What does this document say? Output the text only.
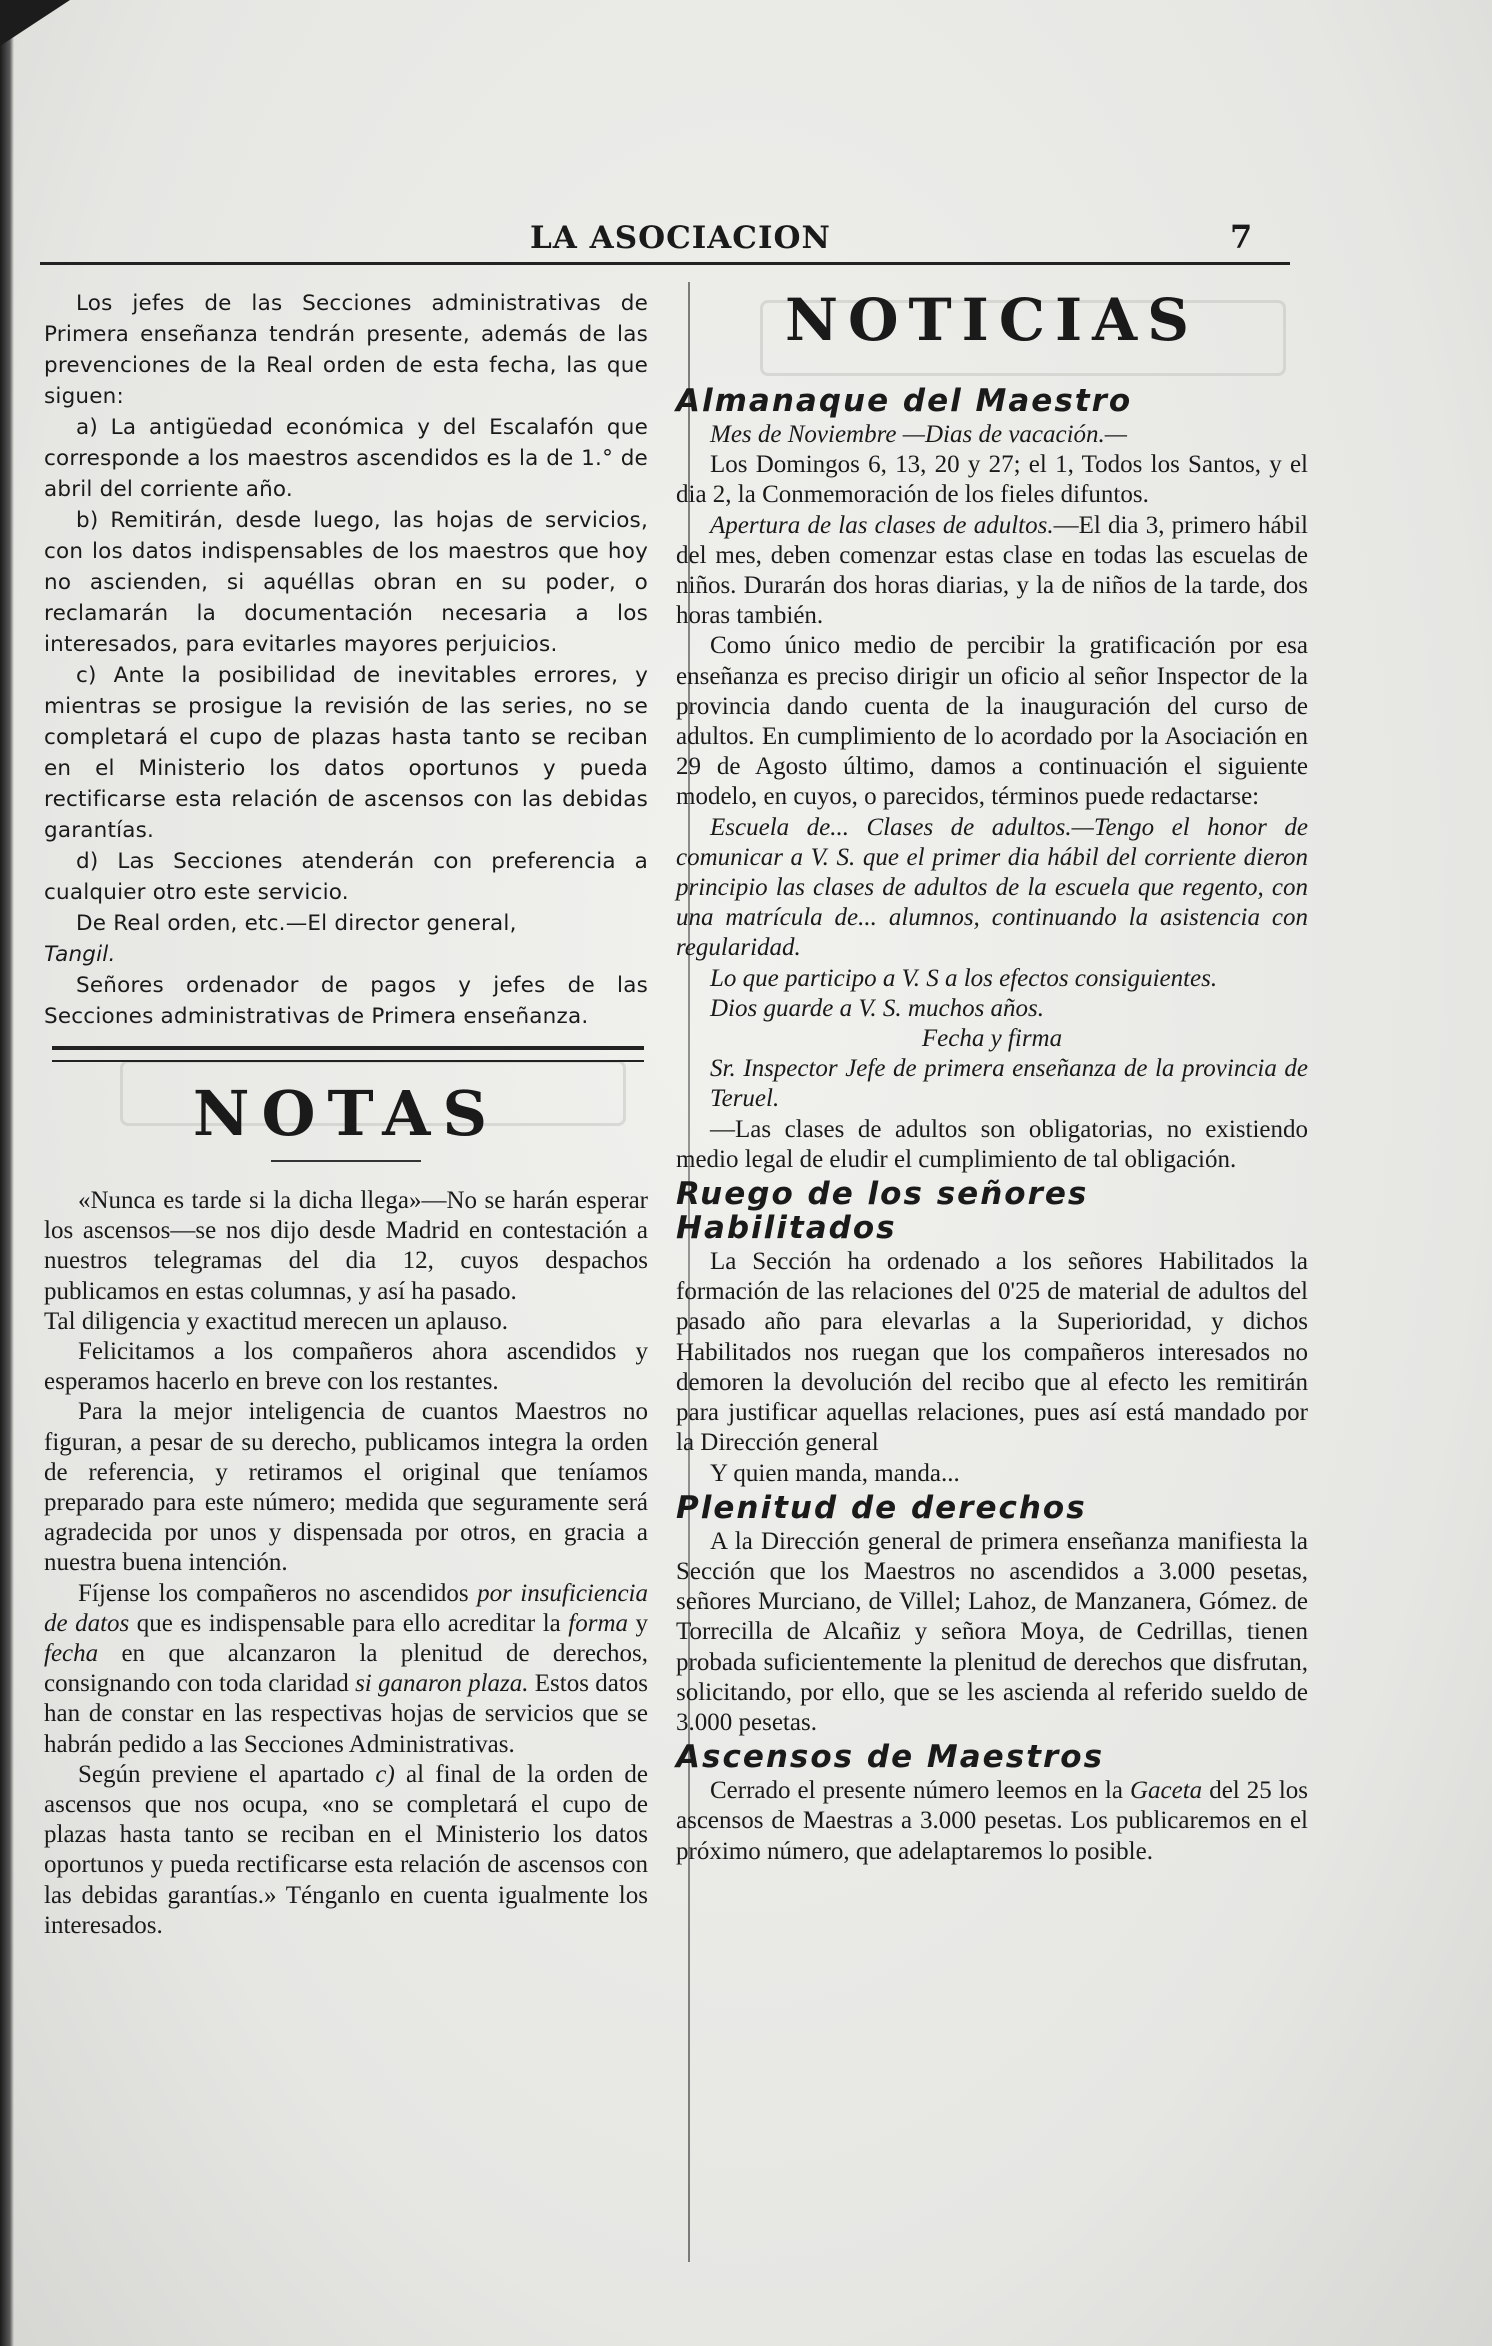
LA ASOCIACION	7

Los jefes de las Secciones administrativas de Primera enseñanza tendrán presente, además de las prevenciones de la Real orden de esta fecha, las que siguen:

a) La antigüedad económica y del Escalafón que corresponde a los maestros ascendidos es la de 1.° de abril del corriente año.

b) Remitirán, desde luego, las hojas de servicios, con los datos indispensables de los maestros que hoy no ascienden, si aquéllas obran en su poder, o reclamarán la documentación necesaria a los interesados, para evitarles mayores perjuicios.

c) Ante la posibilidad de inevitables errores, y mientras se prosigue la revisión de las series, no se completará el cupo de plazas hasta tanto se reciban en el Ministerio los datos oportunos y pueda rectificarse esta relación de ascensos con las debidas garantías.

d) Las Secciones atenderán con preferencia a cualquier otro este servicio.

De Real orden, etc.—El director general,

Tangil.

Señores ordenador de pagos y jefes de las Secciones administrativas de Primera enseñanza.

NOTAS

«Nunca es tarde si la dicha llega»—No se harán esperar los ascensos—se nos dijo desde Madrid en contestación a nuestros telegramas del dia 12, cuyos despachos publicamos en estas columnas, y así ha pasado.

Tal diligencia y exactitud merecen un aplauso.

Felicitamos a los compañeros ahora ascendidos y esperamos hacerlo en breve con los restantes.

Para la mejor inteligencia de cuantos Maestros no figuran, a pesar de su derecho, publicamos integra la orden de referencia, y retiramos el original que teníamos preparado para este número; medida que seguramente será agradecida por unos y dispensada por otros, en gracia a nuestra buena intención.

Fíjense los compañeros no ascendidos por insuficiencia de datos que es indispensable para ello acreditar la forma y fecha en que alcanzaron la plenitud de derechos, consignando con toda claridad si ganaron plaza. Estos datos han de constar en las respectivas hojas de servicios que se habrán pedido a las Secciones Administrativas.

Según previene el apartado c) al final de la orden de ascensos que nos ocupa, «no se completará el cupo de plazas hasta tanto se reciban en el Ministerio los datos oportunos y pueda rectificarse esta relación de ascensos con las debidas garantías.» Ténganlo en cuenta igualmente los interesados.

NOTICIAS
Almanaque del Maestro

Mes de Noviembre —Dias de vacación.—

Los Domingos 6, 13, 20 y 27; el 1, Todos los Santos, y el dia 2, la Conmemoración de los fieles difuntos.

Apertura de las clases de adultos.—El dia 3, primero hábil del mes, deben comenzar estas clase en todas las escuelas de niños. Durarán dos horas diarias, y la de niños de la tarde, dos horas también.

Como único medio de percibir la gratificación por esa enseñanza es preciso dirigir un oficio al señor Inspector de la provincia dando cuenta de la inauguración del curso de adultos. En cumplimiento de lo acordado por la Asociación en 29 de Agosto último, damos a continuación el siguiente modelo, en cuyos, o parecidos, términos puede redactarse:

Escuela de... Clases de adultos.—Tengo el honor de comunicar a V. S. que el primer dia hábil del corriente dieron principio las clases de adultos de la escuela que regento, con una matrícula de... alumnos, continuando la asistencia con regularidad.

Lo que participo a V. S a los efectos consiguientes.

Dios guarde a V. S. muchos años.

Fecha y firma

Sr. Inspector Jefe de primera enseñanza de la provincia de Teruel.

—Las clases de adultos son obligatorias, no existiendo medio legal de eludir el cumplimiento de tal obligación.

Ruego de los señores Habilitados

La Sección ha ordenado a los señores Habilitados la formación de las relaciones del 0'25 de material de adultos del pasado año para elevarlas a la Superioridad, y dichos Habilitados nos ruegan que los compañeros interesados no demoren la devolución del recibo que al efecto les remitirán para justificar aquellas relaciones, pues así está mandado por la Dirección general

Y quien manda, manda...

Plenitud de derechos

A la Dirección general de primera enseñanza manifiesta la Sección que los Maestros no ascendidos a 3.000 pesetas, señores Murciano, de Villel; Lahoz, de Manzanera, Gómez. de Torrecilla de Alcañiz y señora Moya, de Cedrillas, tienen probada suficientemente la plenitud de derechos que disfrutan, solicitando, por ello, que se les ascienda al referido sueldo de 3.000 pesetas.

Ascensos de Maestros

Cerrado el presente número leemos en la Gaceta del 25 los ascensos de Maestras a 3.000 pesetas. Los publicaremos en el próximo número, que adelaptaremos lo posible.
